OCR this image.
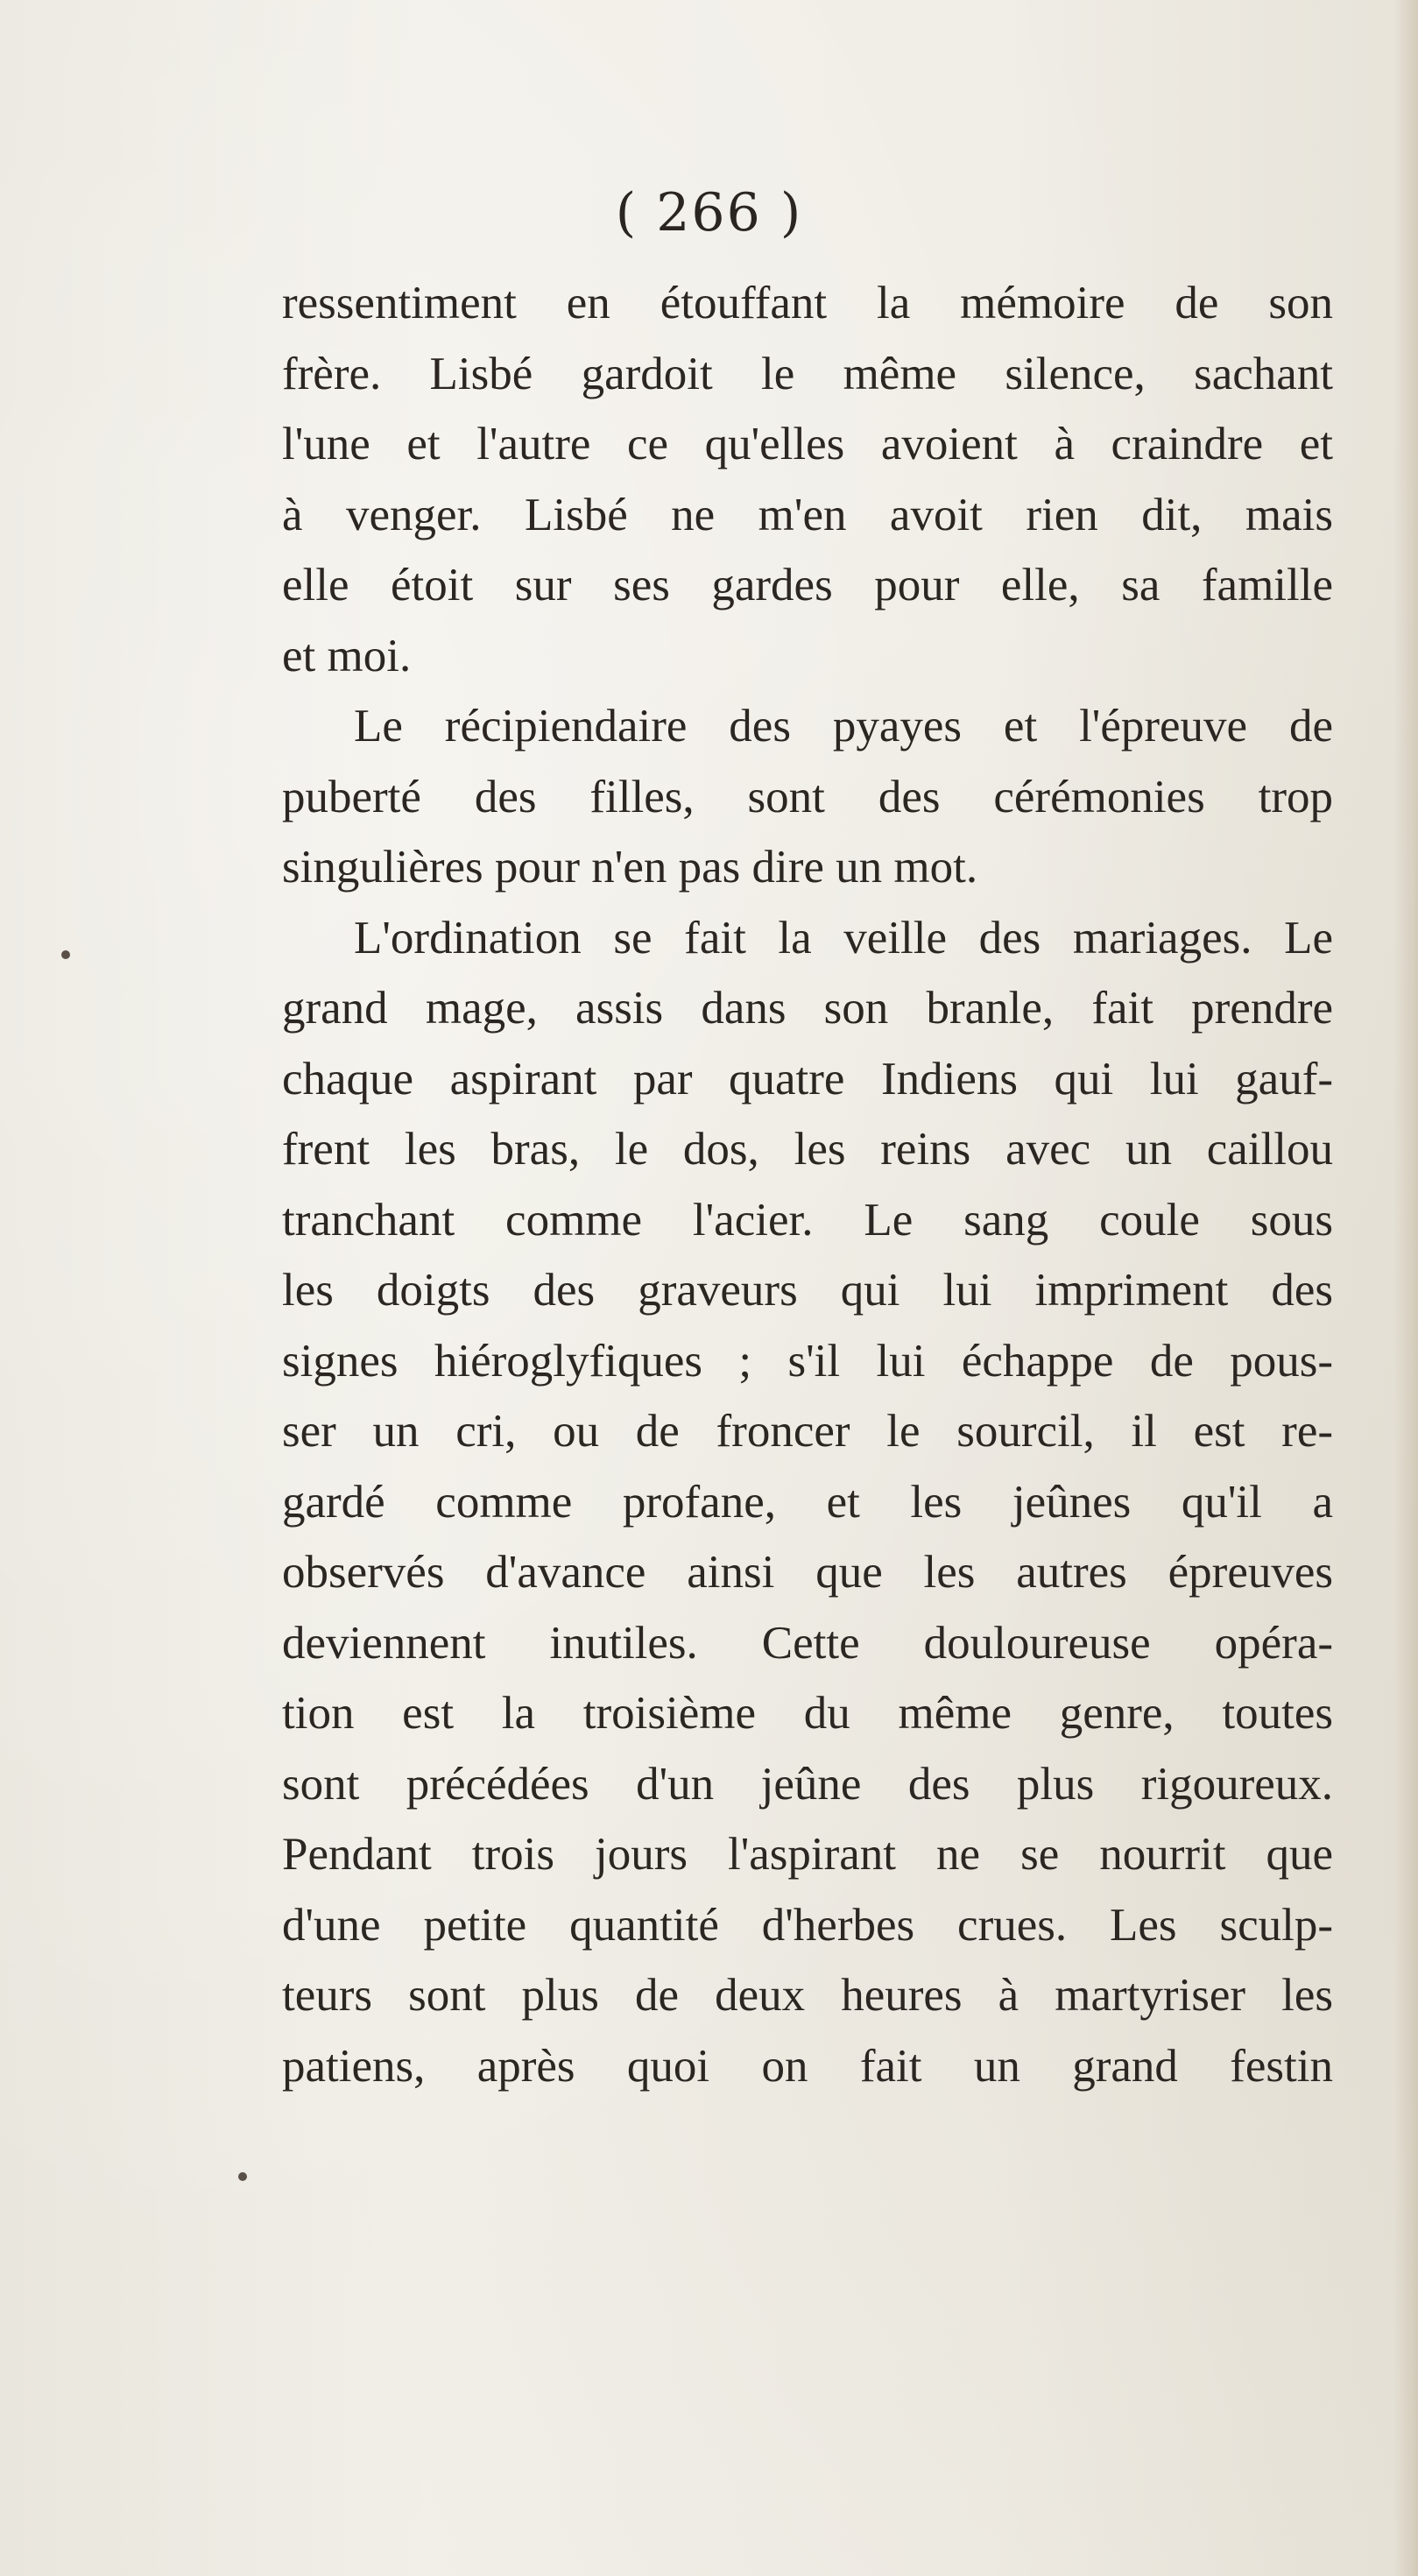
( 266 )
ressentiment en étouffant la mémoire de son
frère. Lisbé gardoit le même silence, sachant
l'une et l'autre ce qu'elles avoient à craindre et
à venger. Lisbé ne m'en avoit rien dit, mais
elle étoit sur ses gardes pour elle, sa famille
et moi.
Le récipiendaire des pyayes et l'épreuve de
puberté des filles, sont des cérémonies trop
singulières pour n'en pas dire un mot.
L'ordination se fait la veille des mariages. Le
grand mage, assis dans son branle, fait prendre
chaque aspirant par quatre Indiens qui lui gauf-
frent les bras, le dos, les reins avec un caillou
tranchant comme l'acier. Le sang coule sous
les doigts des graveurs qui lui impriment des
signes hiéroglyfiques ; s'il lui échappe de pous-
ser un cri, ou de froncer le sourcil, il est re-
gardé comme profane, et les jeûnes qu'il a
observés d'avance ainsi que les autres épreuves
deviennent inutiles. Cette douloureuse opéra-
tion est la troisième du même genre, toutes
sont précédées d'un jeûne des plus rigoureux.
Pendant trois jours l'aspirant ne se nourrit que
d'une petite quantité d'herbes crues. Les sculp-
teurs sont plus de deux heures à martyriser les
patiens, après quoi on fait un grand festin
